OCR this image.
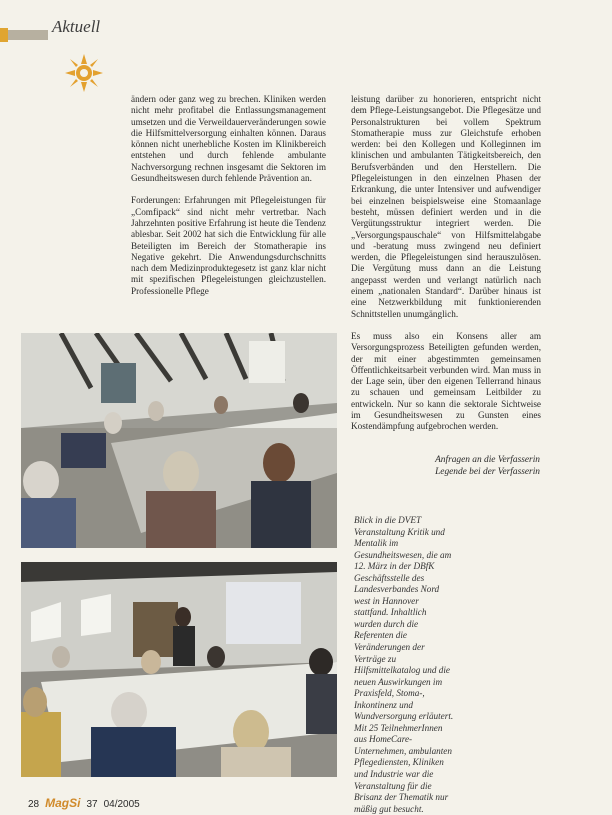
Aktuell

ändern oder ganz weg zu brechen. Kliniken werden nicht mehr profitabel die Entlassungsmanagement umsetzen und die Verweildauerveränderungen sowie die Hilfsmittelversorgung einhalten können. Daraus können nicht unerhebliche Kosten im Klinikbereich entstehen und durch fehlende ambulante Nachversorgung rechnen insgesamt die Sektoren im Gesundheitswesen durch fehlende Prävention an.

Forderungen: Erfahrungen mit Pflegeleistungen für „Comfipack“ sind nicht mehr vertretbar. Nach Jahrzehnten positive Erfahrung ist heute die Tendenz ablesbar. Seit 2002 hat sich die Entwicklung für alle Beteiligten im Bereich der Stomatherapie ins Negative gekehrt. Die Anwendungsdurchschnitts nach dem Medizinproduktegesetz ist ganz klar nicht mit spezifischen Pflegeleistungen gleichzustellen. Professionelle Pflege

leistung darüber zu honorieren, entspricht nicht dem Pflege-Leistungsangebot. Die Pflegesätze und Personalstrukturen bei vollem Spektrum Stomatherapie muss zur Gleichstufe erhoben werden: bei den Kollegen und Kolleginnen im klinischen und ambulanten Tätigkeitsbereich, den Berufsverbänden und den Herstellern. Die Pflegeleistungen in den einzelnen Phasen der Erkrankung, die unter Intensiver und aufwendiger bei einzelnen beispielsweise eine Stomaanlage besteht, müssen definiert werden und in die Vergütungsstruktur integriert werden. Die „Versorgungspauschale“ von Hilfsmittelabgabe und -beratung muss zwingend neu definiert werden, die Pflegeleistungen sind herauszulösen. Die Vergütung muss dann an die Leistung angepasst werden und verlangt natürlich nach einem „nationalen Standard“. Darüber hinaus ist eine Netzwerkbildung mit funktionierenden Schnittstellen unumgänglich.

Es muss also ein Konsens aller am Versorgungsprozess Beteiligten gefunden werden, der mit einer abgestimmten gemeinsamen Öffentlichkeitsarbeit verbunden wird. Man muss in der Lage sein, über den eigenen Tellerrand hinaus zu schauen und gemeinsam Leitbilder zu entwickeln. Nur so kann die sektorale Sichtweise im Gesundheitswesen zu Gunsten eines Kostendämpfung aufgebrochen werden.

Anfragen an die Verfasserin
Legende bei der Verfasserin
Blick in die DVET Veranstaltung Kritik und Mentalik im Gesundheitswesen, die am 12. März in der DBfK Geschäftsstelle des Landesverbandes Nord west in Hannover stattfand. Inhaltlich wurden durch die Referenten die Veränderungen der Verträge zu Hilfsmittelkatalog und die neuen Auswirkungen im Praxisfeld, Stoma-, Inkontinenz und Wundversorgung erläutert. Mit 25 TeilnehmerInnen aus HomeCare-Unternehmen, ambulanten Pflegediensten, Kliniken und Industrie war die Veranstaltung für die Brisanz der Thematik nur mäßig gut besucht.
28 MagSi 37 04/2005
